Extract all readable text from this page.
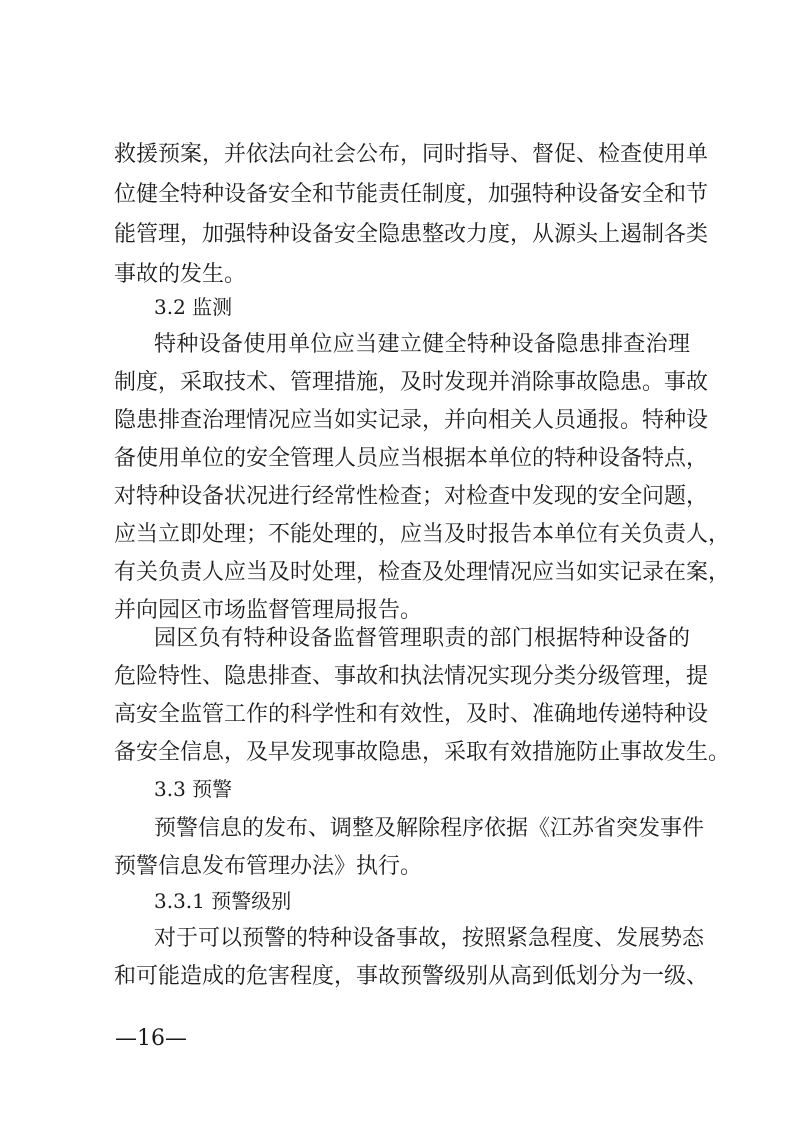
救援预案，并依法向社会公布，同时指导、督促、检查使用单
位健全特种设备安全和节能责任制度，加强特种设备安全和节
能管理，加强特种设备安全隐患整改力度，从源头上遏制各类
事故的发生。
3.2 监测
特种设备使用单位应当建立健全特种设备隐患排查治理
制度，采取技术、管理措施，及时发现并消除事故隐患。事故
隐患排查治理情况应当如实记录，并向相关人员通报。特种设
备使用单位的安全管理人员应当根据本单位的特种设备特点，
对特种设备状况进行经常性检查；对检查中发现的安全问题，
应当立即处理；不能处理的，应当及时报告本单位有关负责人，
有关负责人应当及时处理，检查及处理情况应当如实记录在案，
并向园区市场监督管理局报告。
园区负有特种设备监督管理职责的部门根据特种设备的
危险特性、隐患排查、事故和执法情况实现分类分级管理，提
高安全监管工作的科学性和有效性，及时、准确地传递特种设
备安全信息，及早发现事故隐患，采取有效措施防止事故发生。
3.3 预警
预警信息的发布、调整及解除程序依据《江苏省突发事件
预警信息发布管理办法》执行。
3.3.1 预警级别
对于可以预警的特种设备事故，按照紧急程度、发展势态
和可能造成的危害程度，事故预警级别从高到低划分为一级、
—16—
